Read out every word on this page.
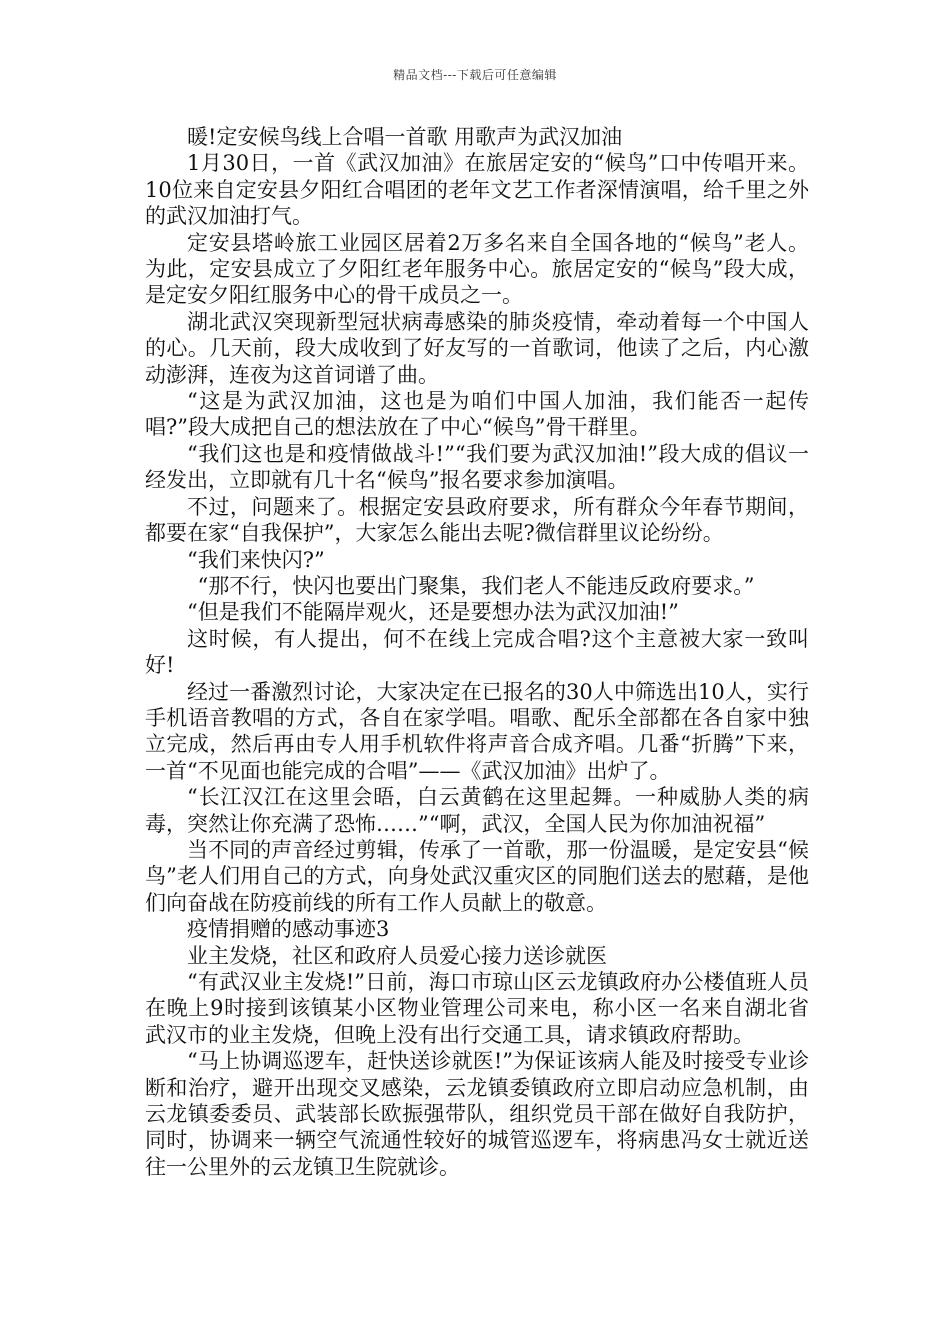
精品文档---下载后可任意编辑

暖!定安候鸟线上合唱一首歌 用歌声为武汉加油

1月30日，一首《武汉加油》在旅居定安的“候鸟”口中传唱开来。10位来自定安县夕阳红合唱团的老年文艺工作者深情演唱，给千里之外的武汉加油打气。

定安县塔岭旅工业园区居着2万多名来自全国各地的“候鸟”老人。为此，定安县成立了夕阳红老年服务中心。旅居定安的“候鸟”段大成，是定安夕阳红服务中心的骨干成员之一。

湖北武汉突现新型冠状病毒感染的肺炎疫情，牵动着每一个中国人的心。几天前，段大成收到了好友写的一首歌词，他读了之后，内心激动澎湃，连夜为这首词谱了曲。

“这是为武汉加油，这也是为咱们中国人加油，我们能否一起传唱?”段大成把自己的想法放在了中心“候鸟”骨干群里。

“我们这也是和疫情做战斗!”“我们要为武汉加油!”段大成的倡议一经发出，立即就有几十名“候鸟”报名要求参加演唱。

不过，问题来了。根据定安县政府要求，所有群众今年春节期间，都要在家“自我保护”，大家怎么能出去呢?微信群里议论纷纷。

“我们来快闪?”

“那不行，快闪也要出门聚集，我们老人不能违反政府要求。”

“但是我们不能隔岸观火，还是要想办法为武汉加油!”

这时候，有人提出，何不在线上完成合唱?这个主意被大家一致叫好!

经过一番激烈讨论，大家决定在已报名的30人中筛选出10人，实行手机语音教唱的方式，各自在家学唱。唱歌、配乐全部都在各自家中独立完成，然后再由专人用手机软件将声音合成齐唱。几番“折腾”下来，一首“不见面也能完成的合唱”——《武汉加油》出炉了。

“长江汉江在这里会晤，白云黄鹤在这里起舞。一种威胁人类的病毒，突然让你充满了恐怖……”“啊，武汉，全国人民为你加油祝福”

当不同的声音经过剪辑，传承了一首歌，那一份温暖，是定安县“候鸟”老人们用自己的方式，向身处武汉重灾区的同胞们送去的慰藉，是他们向奋战在防疫前线的所有工作人员献上的敬意。

疫情捐赠的感动事迹3

业主发烧，社区和政府人员爱心接力送诊就医

“有武汉业主发烧!”日前，海口市琼山区云龙镇政府办公楼值班人员在晚上9时接到该镇某小区物业管理公司来电，称小区一名来自湖北省武汉市的业主发烧，但晚上没有出行交通工具，请求镇政府帮助。

“马上协调巡逻车，赶快送诊就医!”为保证该病人能及时接受专业诊断和治疗，避开出现交叉感染，云龙镇委镇政府立即启动应急机制，由云龙镇委委员、武装部长欧振强带队，组织党员干部在做好自我防护，同时，协调来一辆空气流通性较好的城管巡逻车，将病患冯女士就近送往一公里外的云龙镇卫生院就诊。
